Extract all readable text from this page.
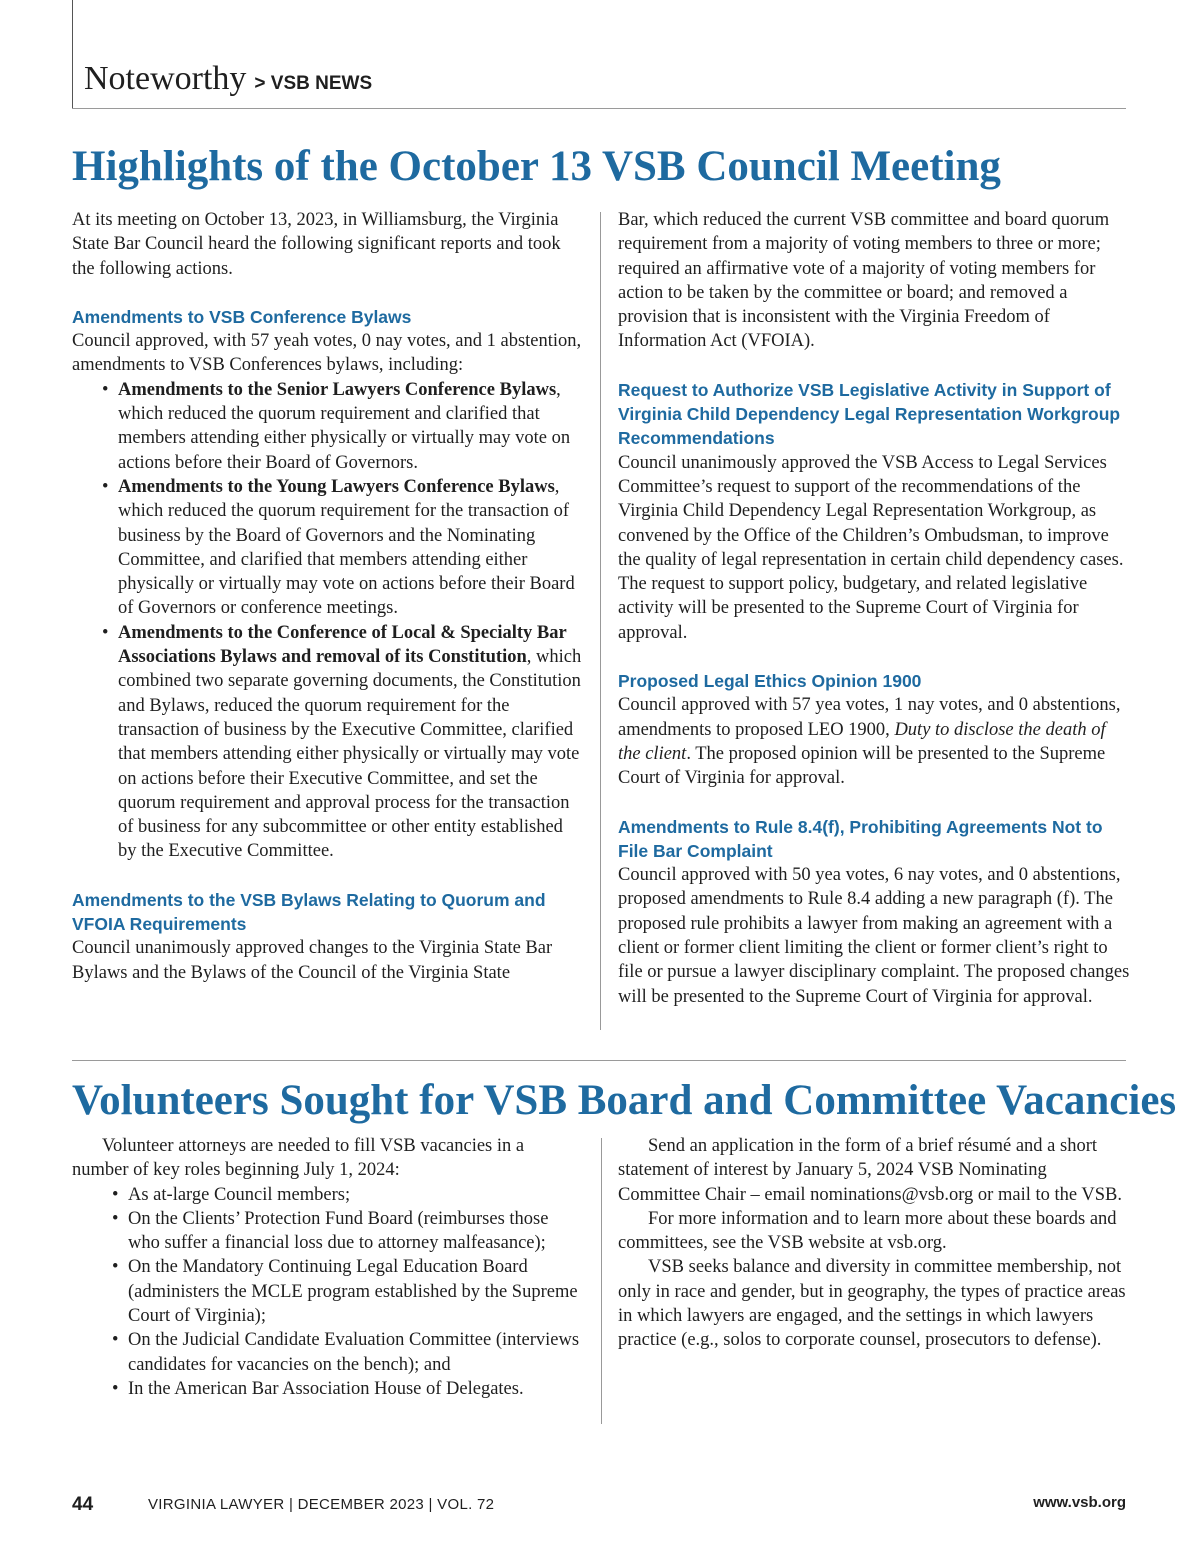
Noteworthy > VSB NEWS
Highlights of the October 13 VSB Council Meeting

At its meeting on October 13, 2023, in Williamsburg, the Virginia State Bar Council heard the following significant reports and took the following actions.

Amendments to VSB Conference Bylaws

Council approved, with 57 yeah votes, 0 nay votes, and 1 abstention, amendments to VSB Conferences bylaws, including:

• Amendments to the Senior Lawyers Conference Bylaws, which reduced the quorum requirement and clarified that members attending either physically or virtually may vote on actions before their Board of Governors.
• Amendments to the Young Lawyers Conference Bylaws, which reduced the quorum requirement for the transaction of business by the Board of Governors and the Nominating Committee, and clarified that members attending either physically or virtually may vote on actions before their Board of Governors or conference meetings.
• Amendments to the Conference of Local & Specialty Bar Associations Bylaws and removal of its Constitution, which combined two separate governing documents, the Constitution and Bylaws, reduced the quorum requirement for the transaction of business by the Executive Committee, clarified that members attending either physically or virtually may vote on actions before their Executive Committee, and set the quorum requirement and approval process for the transaction of business for any subcommittee or other entity established by the Executive Committee.

Amendments to the VSB Bylaws Relating to Quorum and VFOIA Requirements

Council unanimously approved changes to the Virginia State Bar Bylaws and the Bylaws of the Council of the Virginia State

Bar, which reduced the current VSB committee and board quorum requirement from a majority of voting members to three or more; required an affirmative vote of a majority of voting members for action to be taken by the committee or board; and removed a provision that is inconsistent with the Virginia Freedom of Information Act (VFOIA).

Request to Authorize VSB Legislative Activity in Support of Virginia Child Dependency Legal Representation Workgroup Recommendations

Council unanimously approved the VSB Access to Legal Services Committee’s request to support of the recommendations of the Virginia Child Dependency Legal Representation Workgroup, as convened by the Office of the Children’s Ombudsman, to improve the quality of legal representation in certain child dependency cases. The request to support policy, budgetary, and related legislative activity will be presented to the Supreme Court of Virginia for approval.

Proposed Legal Ethics Opinion 1900

Council approved with 57 yea votes, 1 nay votes, and 0 abstentions, amendments to proposed LEO 1900, Duty to disclose the death of the client. The proposed opinion will be presented to the Supreme Court of Virginia for approval.

Amendments to Rule 8.4(f), Prohibiting Agreements Not to File Bar Complaint

Council approved with 50 yea votes, 6 nay votes, and 0 abstentions, proposed amendments to Rule 8.4 adding a new paragraph (f). The proposed rule prohibits a lawyer from making an agreement with a client or former client limiting the client or former client’s right to file or pursue a lawyer disciplinary complaint. The proposed changes will be presented to the Supreme Court of Virginia for approval.

Volunteers Sought for VSB Board and Committee Vacancies

Volunteer attorneys are needed to fill VSB vacancies in a number of key roles beginning July 1, 2024:

• As at-large Council members;
• On the Clients’ Protection Fund Board (reimburses those who suffer a financial loss due to attorney malfeasance);
• On the Mandatory Continuing Legal Education Board (administers the MCLE program established by the Supreme Court of Virginia);
• On the Judicial Candidate Evaluation Committee (interviews candidates for vacancies on the bench); and
• In the American Bar Association House of Delegates.

Send an application in the form of a brief résumé and a short statement of interest by January 5, 2024 VSB Nominating Committee Chair – email nominations@vsb.org or mail to the VSB.

For more information and to learn more about these boards and committees, see the VSB website at vsb.org.

VSB seeks balance and diversity in committee membership, not only in race and gender, but in geography, the types of practice areas in which lawyers are engaged, and the settings in which lawyers practice (e.g., solos to corporate counsel, prosecutors to defense).

44	VIRGINIA LAWYER | DECEMBER 2023 | VOL. 72	www.vsb.org
